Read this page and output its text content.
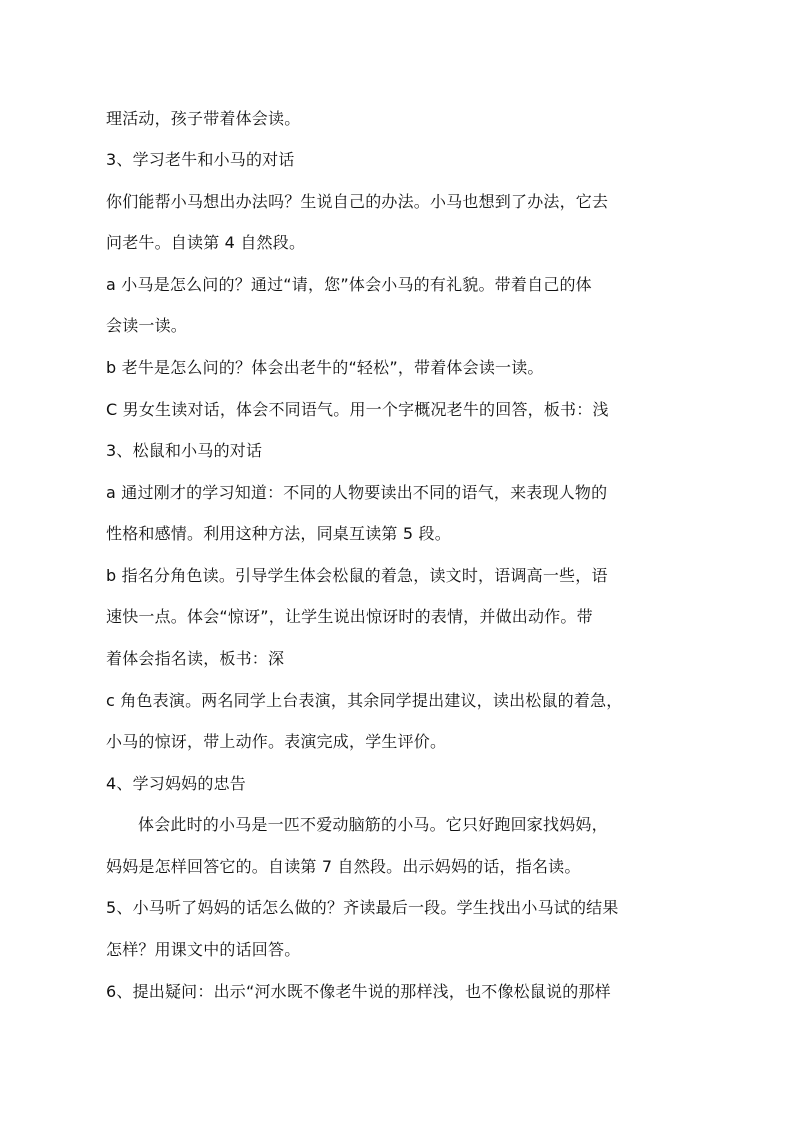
理活动，孩子带着体会读。

3、学习老牛和小马的对话

你们能帮小马想出办法吗？生说自己的办法。小马也想到了办法，它去

问老牛。自读第 4 自然段。

a 小马是怎么问的？通过“请，您”体会小马的有礼貌。带着自己的体

会读一读。

b 老牛是怎么问的？体会出老牛的“轻松”，带着体会读一读。

C 男女生读对话，体会不同语气。用一个字概况老牛的回答，板书：浅

3、松鼠和小马的对话

a 通过刚才的学习知道：不同的人物要读出不同的语气，来表现人物的

性格和感情。利用这种方法，同桌互读第 5 段。

b 指名分角色读。引导学生体会松鼠的着急，读文时，语调高一些，语

速快一点。体会“惊讶”，让学生说出惊讶时的表情，并做出动作。带

着体会指名读，板书：深

c 角色表演。两名同学上台表演，其余同学提出建议，读出松鼠的着急，

小马的惊讶，带上动作。表演完成，学生评价。

4、学习妈妈的忠告

体会此时的小马是一匹不爱动脑筋的小马。它只好跑回家找妈妈，

妈妈是怎样回答它的。自读第 7 自然段。出示妈妈的话，指名读。

5、小马听了妈妈的话怎么做的？齐读最后一段。学生找出小马试的结果

怎样？用课文中的话回答。

6、提出疑问：出示“河水既不像老牛说的那样浅，也不像松鼠说的那样
